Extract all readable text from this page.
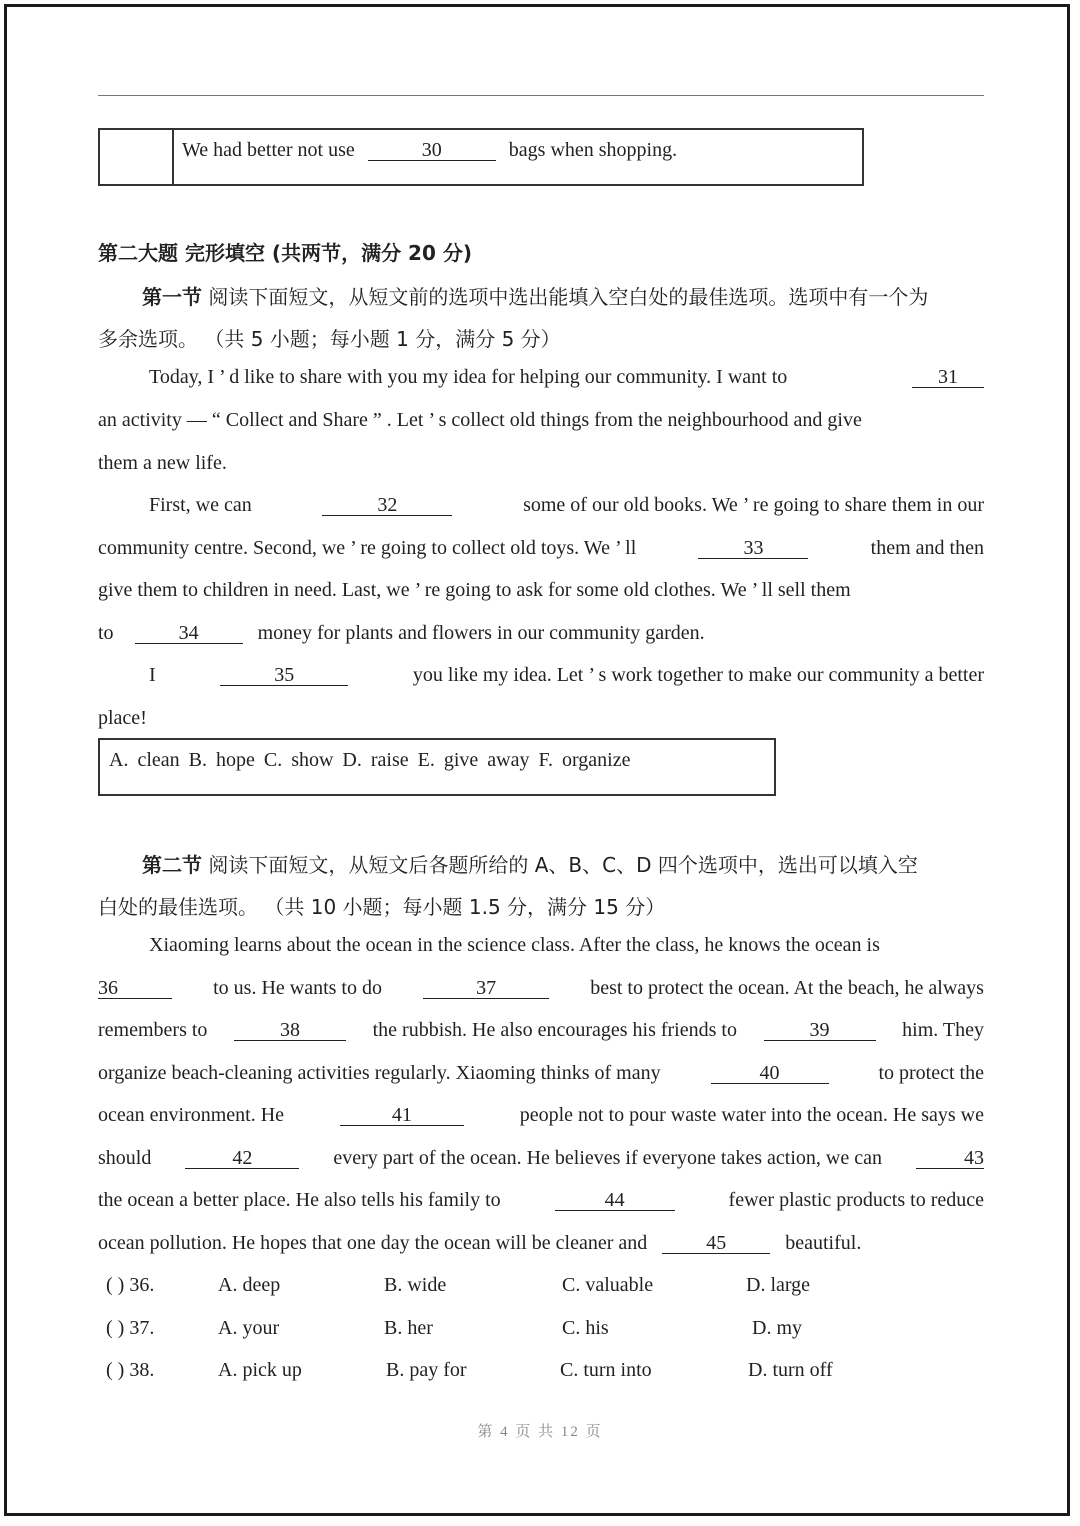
We had better not use	30	bags when shopping.
第二大题 完形填空 (共两节，满分 20 分)
第一节 阅读下面短文，从短文前的选项中选出能填入空白处的最佳选项。选项中有一个为
多余选项。 （共 5 小题；每小题 1 分，满分 5 分）
Today, I ’ d like to share with you my idea for helping our community. I want to	31
an activity — “ Collect and Share ” . Let ’ s collect old things from the neighbourhood and give
them a new life.
First, we can	32	some of our old books. We ’ re going to share them in our
community centre. Second, we ’ re going to collect old toys. We ’ ll	33	them and then
give them to children in need. Last, we ’ re going to ask for some old clothes. We ’ ll sell them
to	34	money for plants and flowers in our community garden.
I	35	you like my idea. Let ’ s work together to make our community a better
place!
A. clean B. hope C. show D. raise E. give away F. organize
第二节 阅读下面短文，从短文后各题所给的 A、B、C、D 四个选项中，选出可以填入空
白处的最佳选项。 （共 10 小题；每小题 1.5 分，满分 15 分）
Xiaoming learns about the ocean in the science class. After the class, he knows the ocean is
36	to us. He wants to do	37	best to protect the ocean. At the beach, he always
remembers to	38	the rubbish. He also encourages his friends to	39	him. They
organize beach-cleaning activities regularly. Xiaoming thinks of many	40	to protect the
ocean environment. He	41	people not to pour waste water into the ocean. He says we
should	42	every part of the ocean. He believes if everyone takes action, we can	43
the ocean a better place. He also tells his family to	44	fewer plastic products to reduce
ocean pollution. He hopes that one day the ocean will be cleaner and	45	beautiful.
( ) 36.	A. deep	B. wide	C. valuable	D. large
( ) 37.	A. your	B. her	C. his	D. my
( ) 38.	A. pick up	B. pay for	C. turn into	D. turn off
第 4 页 共 12 页
